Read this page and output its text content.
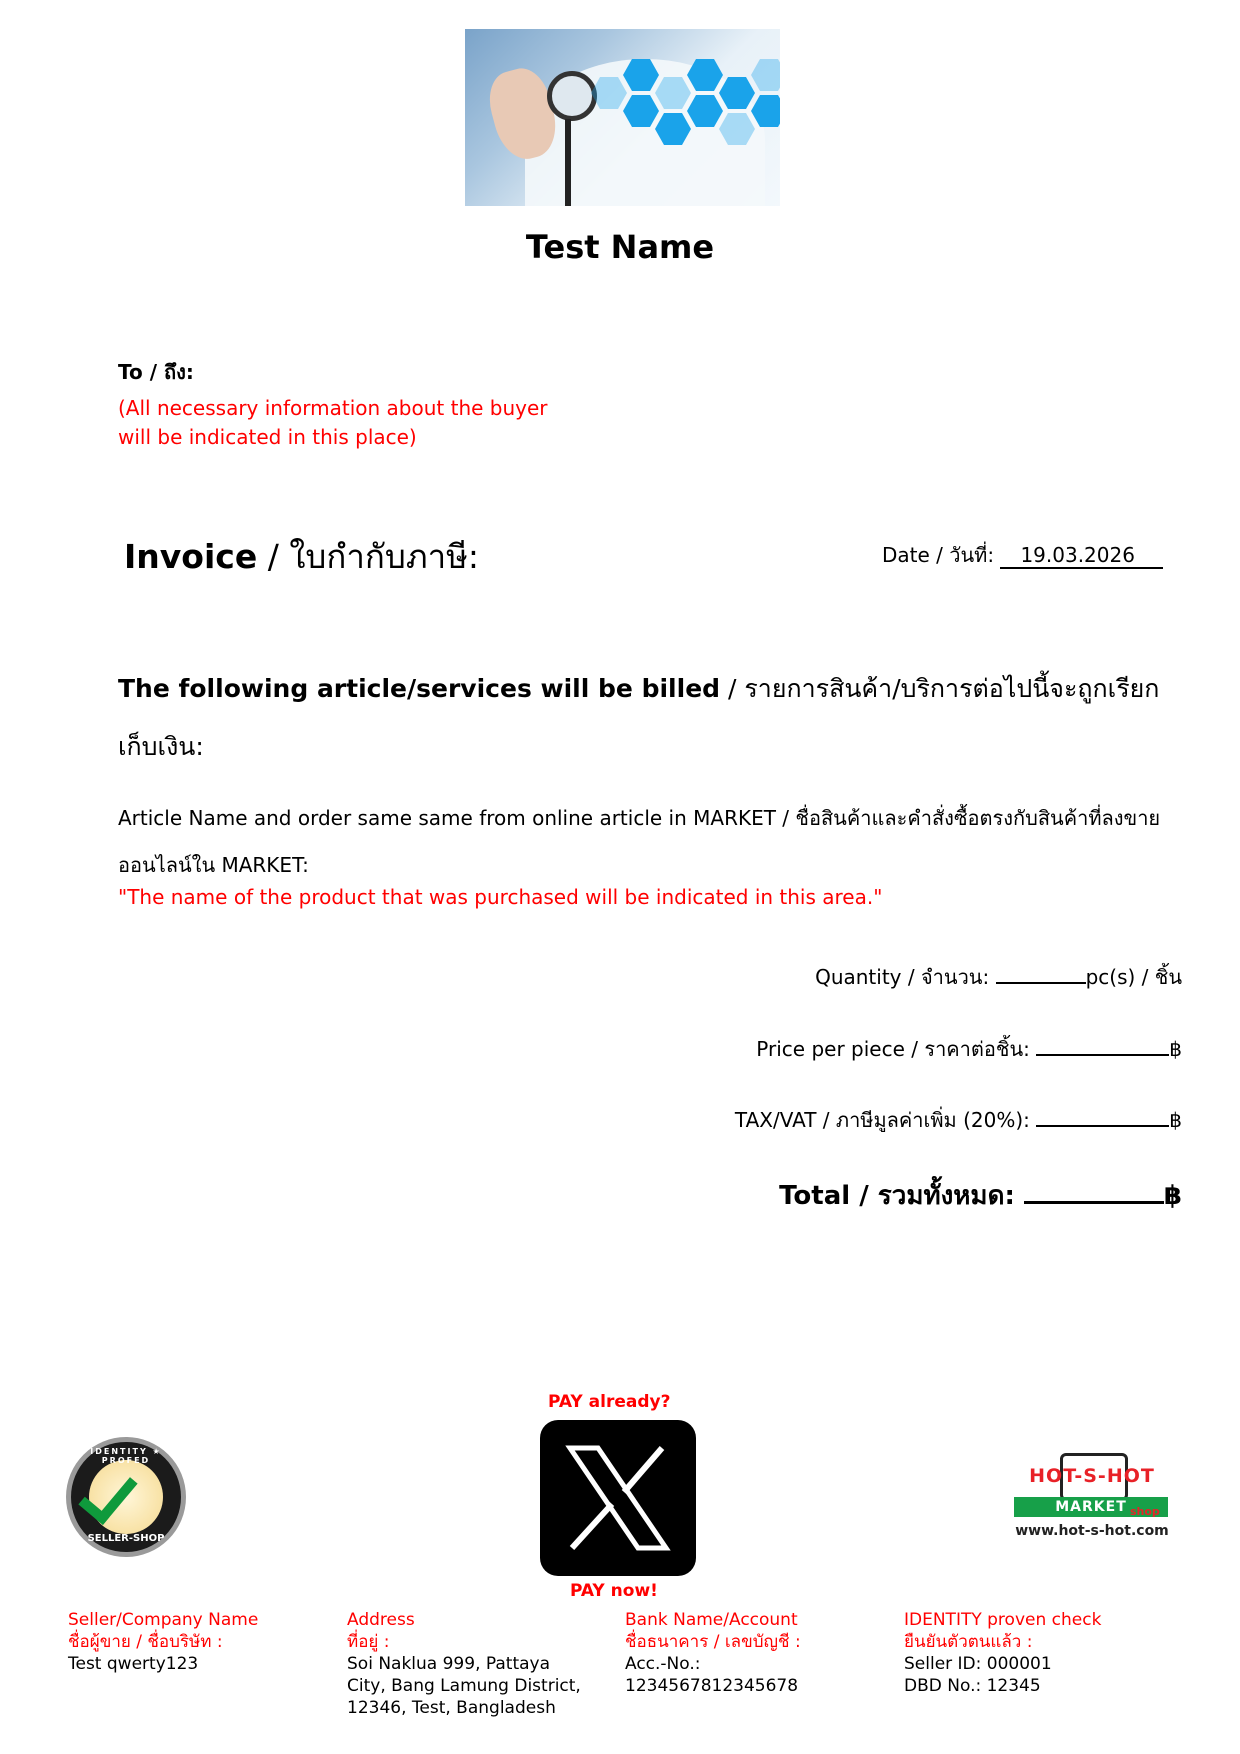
Test Name
To / ถึง:
(All necessary information about the buyer
will be indicated in this place)
Invoice / ใบกำกับภาษี:	Date / วันที่: 19.03.2026
The following article/services will be billed / รายการสินค้า/บริการต่อไปนี้จะถูกเรียกเก็บเงิน:
Article Name and order same same from online article in MARKET / ชื่อสินค้าและคำสั่งซื้อตรงกับสินค้าที่ลงขายออนไลน์ใน MARKET:
"The name of the product that was purchased will be indicated in this area."
Quantity / จำนวน:	pc(s) / ชิ้น
Price per piece / ราคาต่อชิ้น:	฿
TAX/VAT / ภาษีมูลค่าเพิ่ม (20%):	฿
Total / รวมทั้งหมด:	฿
IDENTITY ★ PROFED
SELLER-SHOP
PAY already?
PAY now!
HOT-S-HOT
MARKET shop
www.hot-s-hot.com
Seller/Company Name
ชื่อผู้ขาย / ชื่อบริษัท :
Test qwerty123
Address
ที่อยู่ :
Soi Naklua 999, Pattaya
City, Bang Lamung District,
12346, Test, Bangladesh
Bank Name/Account
ชื่อธนาคาร / เลขบัญชี :
Acc.-No.:
1234567812345678
IDENTITY proven check
ยืนยันตัวตนแล้ว :
Seller ID: 000001
DBD No.: 12345
